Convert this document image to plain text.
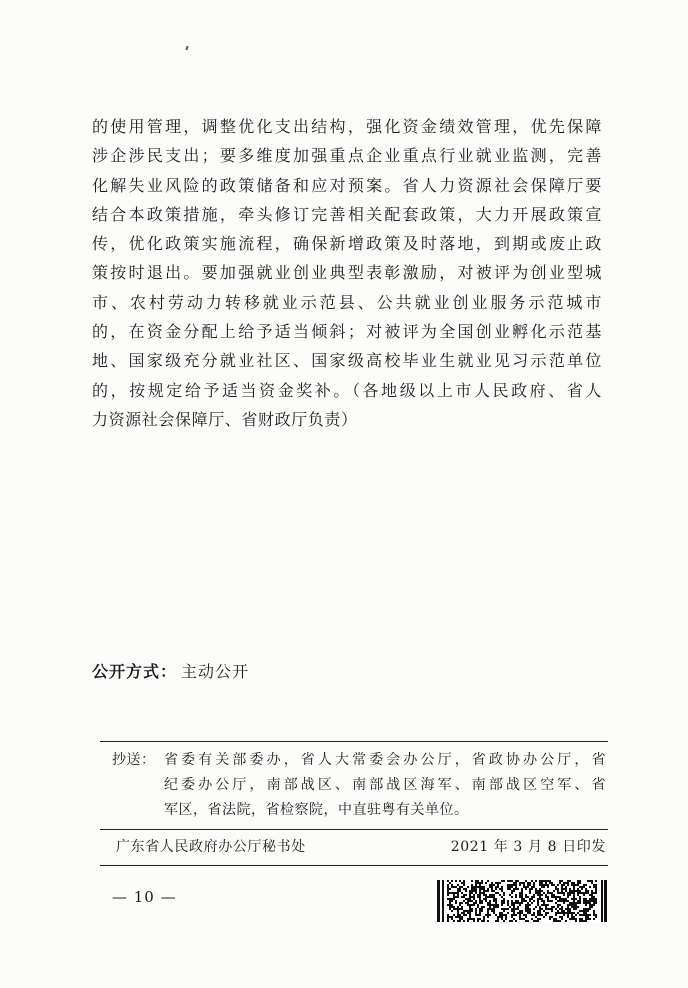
的使用管理，调整优化支出结构，强化资金绩效管理，优先保障
涉企涉民支出；要多维度加强重点企业重点行业就业监测，完善
化解失业风险的政策储备和应对预案。省人力资源社会保障厅要
结合本政策措施，牵头修订完善相关配套政策，大力开展政策宣
传，优化政策实施流程，确保新增政策及时落地，到期或废止政
策按时退出。要加强就业创业典型表彰激励，对被评为创业型城
市、农村劳动力转移就业示范县、公共就业创业服务示范城市
的，在资金分配上给予适当倾斜；对被评为全国创业孵化示范基
地、国家级充分就业社区、国家级高校毕业生就业见习示范单位
的，按规定给予适当资金奖补。（各地级以上市人民政府、省人
力资源社会保障厅、省财政厅负责）
公开方式： 主动公开
抄送： 省委有关部委办，省人大常委会办公厅，省政协办公厅，省
纪委办公厅，南部战区、南部战区海军、南部战区空军、省
军区，省法院，省检察院，中直驻粤有关单位。
广东省人民政府办公厅秘书处	2021 年 3 月 8 日印发
— 10 —
